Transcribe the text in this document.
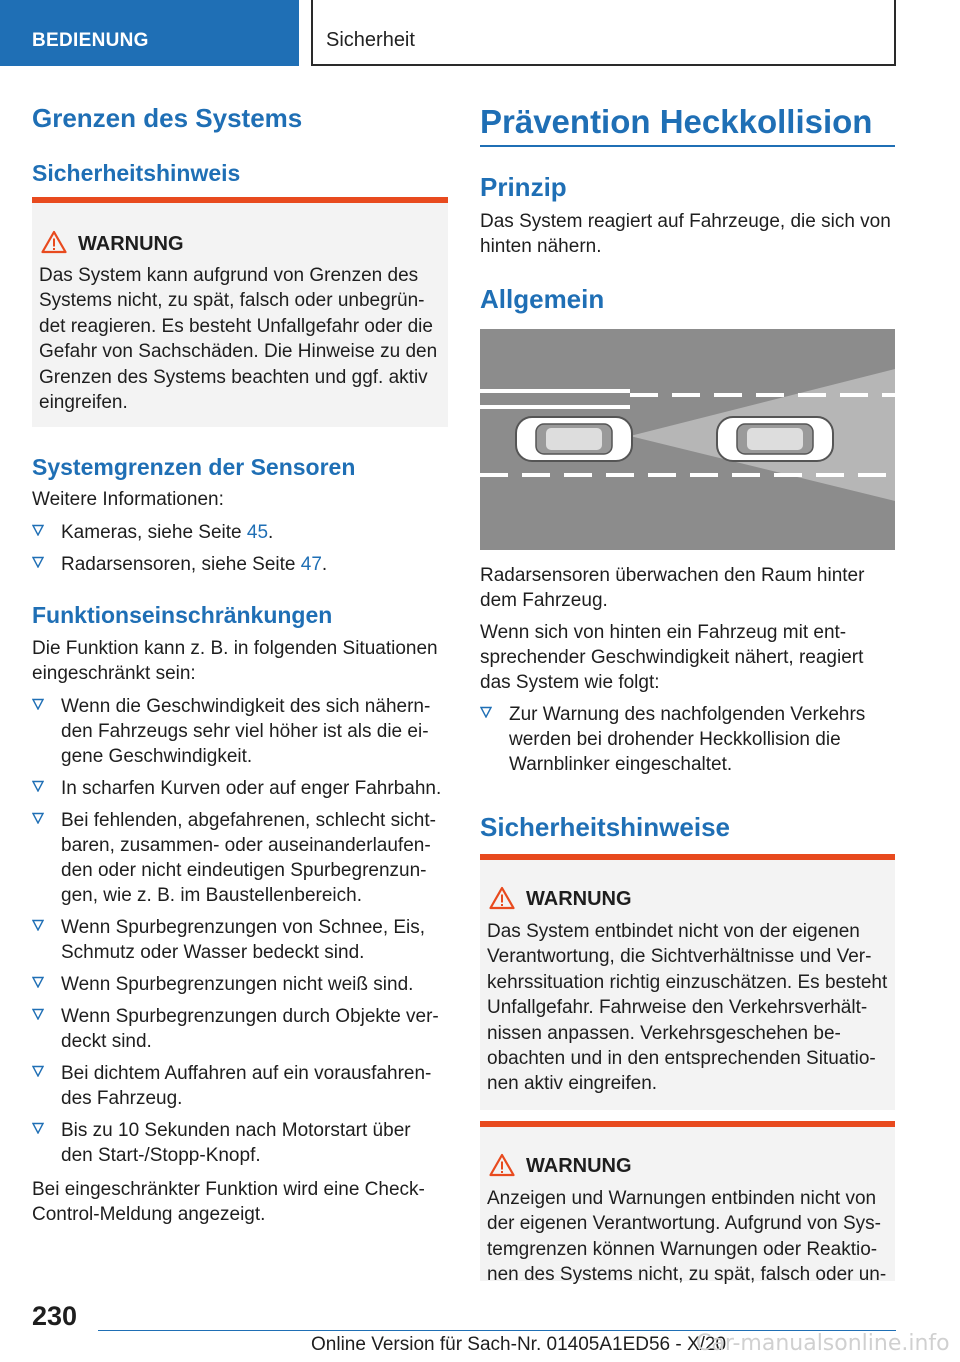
BEDIENUNG	Sicherheit
Grenzen des Systems
Sicherheitshinweis
WARNUNG
Das System kann aufgrund von Grenzen des
Systems nicht, zu spät, falsch oder unbegrün-
det reagieren. Es besteht Unfallgefahr oder die
Gefahr von Sachschäden. Die Hinweise zu den
Grenzen des Systems beachten und ggf. aktiv
eingreifen.
Systemgrenzen der Sensoren
Weitere Informationen:
Kameras, siehe Seite 45.
Radarsensoren, siehe Seite 47.
Funktionseinschränkungen
Die Funktion kann z. B. in folgenden Situationen
eingeschränkt sein:
Wenn die Geschwindigkeit des sich nähern-
den Fahrzeugs sehr viel höher ist als die ei-
gene Geschwindigkeit.
In scharfen Kurven oder auf enger Fahrbahn.
Bei fehlenden, abgefahrenen, schlecht sicht-
baren, zusammen- oder auseinanderlaufen-
den oder nicht eindeutigen Spurbegrenzun-
gen, wie z. B. im Baustellenbereich.
Wenn Spurbegrenzungen von Schnee, Eis,
Schmutz oder Wasser bedeckt sind.
Wenn Spurbegrenzungen nicht weiß sind.
Wenn Spurbegrenzungen durch Objekte ver-
deckt sind.
Bei dichtem Auffahren auf ein vorausfahren-
des Fahrzeug.
Bis zu 10 Sekunden nach Motorstart über
den Start-/Stopp-Knopf.
Bei eingeschränkter Funktion wird eine Check-
Control-Meldung angezeigt.
Prävention Heckkollision
Prinzip
Das System reagiert auf Fahrzeuge, die sich von
hinten nähern.
Allgemein
Radarsensoren überwachen den Raum hinter
dem Fahrzeug.
Wenn sich von hinten ein Fahrzeug mit ent-
sprechender Geschwindigkeit nähert, reagiert
das System wie folgt:
Zur Warnung des nachfolgenden Verkehrs
werden bei drohender Heckkollision die
Warnblinker eingeschaltet.
Sicherheitshinweise
WARNUNG
Das System entbindet nicht von der eigenen
Verantwortung, die Sichtverhältnisse und Ver-
kehrssituation richtig einzuschätzen. Es besteht
Unfallgefahr. Fahrweise den Verkehrsverhält-
nissen anpassen. Verkehrsgeschehen be-
obachten und in den entsprechenden Situatio-
nen aktiv eingreifen.
WARNUNG
Anzeigen und Warnungen entbinden nicht von
der eigenen Verantwortung. Aufgrund von Sys-
temgrenzen können Warnungen oder Reaktio-
nen des Systems nicht, zu spät, falsch oder un-
230
Online Version für Sach-Nr. 01405A1ED56 - X/20
Car-manualsonline.info
